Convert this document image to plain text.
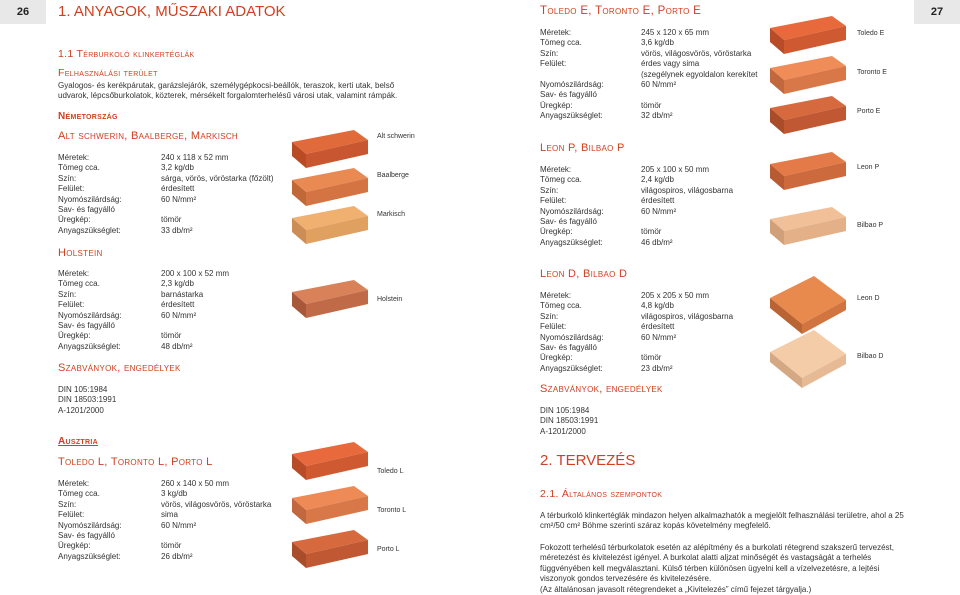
26	1. ANYAGOK, MŰSZAKI ADATOK
1.1 Térburkoló klinkertéglák
Felhasználási terület
Gyalogos- és kerékpárutak, garázslejárók, személygépkocsi-beállók, teraszok, kerti utak, belső udvarok, lépcsőburkolatok, közterek, mérsékelt forgalomterhelésű városi utak, valamint rámpák.
Németország
Alt schwerin, Baalberge, Markisch
Méretek:	240 x 118 x 52 mm
Tömeg cca.	3,2 kg/db
Szín:	sárga, vörös, vöröstarka (főzölt)
Felület:	érdesített
Nyomószilárdság:	60 N/mm²
Sav- és fagyálló
Üregkép:	tömör
Anyagszükséglet:	33 db/m²
Holstein
Méretek:	200 x 100 x 52 mm
Tömeg cca.	2,3 kg/db
Szín:	barnástarka
Felület:	érdesített
Nyomószilárdság:	60 N/mm²
Sav- és fagyálló
Üregkép:	tömör
Anyagszükséglet:	48 db/m²
Szabványok, engedélyek
DIN 105:1984
DIN 18503:1991
A-1201/2000
Ausztria
Toledo L, Toronto L, Porto L
Méretek:	260 x 140 x 50 mm
Tömeg cca.	3 kg/db
Szín:	vörös, világosvörös, vöröstarka
Felület:	sima
Nyomószilárdság:	60 N/mm²
Sav- és fagyálló
Üregkép:	tömör
Anyagszükséglet:	26 db/m²
Alt schwerin
Baalberge
Markisch
Holstein
Toledo L
Toronto L
Porto L
Toledo E, Toronto E, Porto E	27
Méretek:	245 x 120 x 65 mm
Tömeg cca.	3,6 kg/db
Szín:	vörös, világosvörös, vöröstarka
Felület:	érdes vagy sima
(szegélynek egyoldalon kerekítet
Nyomószilárdság:	60 N/mm²
Sav- és fagyálló
Üregkép:	tömör
Anyagszükséglet:	32 db/m²
Toledo E
Toronto E
Porto E
Leon P, Bilbao P
Méretek:	205 x 100 x 50 mm
Tömeg cca.	2,4 kg/db
Szín:	világospiros, világosbarna
Felület:	érdesített
Nyomószilárdság:	60 N/mm²
Sav- és fagyálló
Üregkép:	tömör
Anyagszükséglet:	46 db/m²
Leon P
Bilbao P
Leon D, Bilbao D
Méretek:	205 x 205 x 50 mm
Tömeg cca.	4,8 kg/db
Szín:	világospiros, világosbarna
Felület:	érdesített
Nyomószilárdság:	60 N/mm²
Sav- és fagyálló
Üregkép:	tömör
Anyagszükséglet:	23 db/m²
Leon D
Bilbao D
Szabványok, engedélyek
DIN 105:1984
DIN 18503:1991
A-1201/2000
2. TERVEZÉS
2.1. Általános szempontok
A térburkoló klinkertéglák mindazon helyen alkalmazhatók a megjelölt felhasználási területre, ahol a 25 cm²/50 cm² Böhme szerinti száraz kopás követelmény megfelelő.
Fokozott terhelésű térburkolatok esetén az alépítmény és a burkolati rétegrend szakszerű tervezést, méretezést és kivitelezést igényel. A burkolat alatti aljzat minőségét és vastagságát a terhelés függvényében kell megválasztani. Külső térben különösen ügyelni kell a vízelvezetésre, a lejtési viszonyok gondos tervezésére és kivitelezésére.
(Az általánosan javasolt rétegrendeket a „Kivitelezés” című fejezet tárgyalja.)
